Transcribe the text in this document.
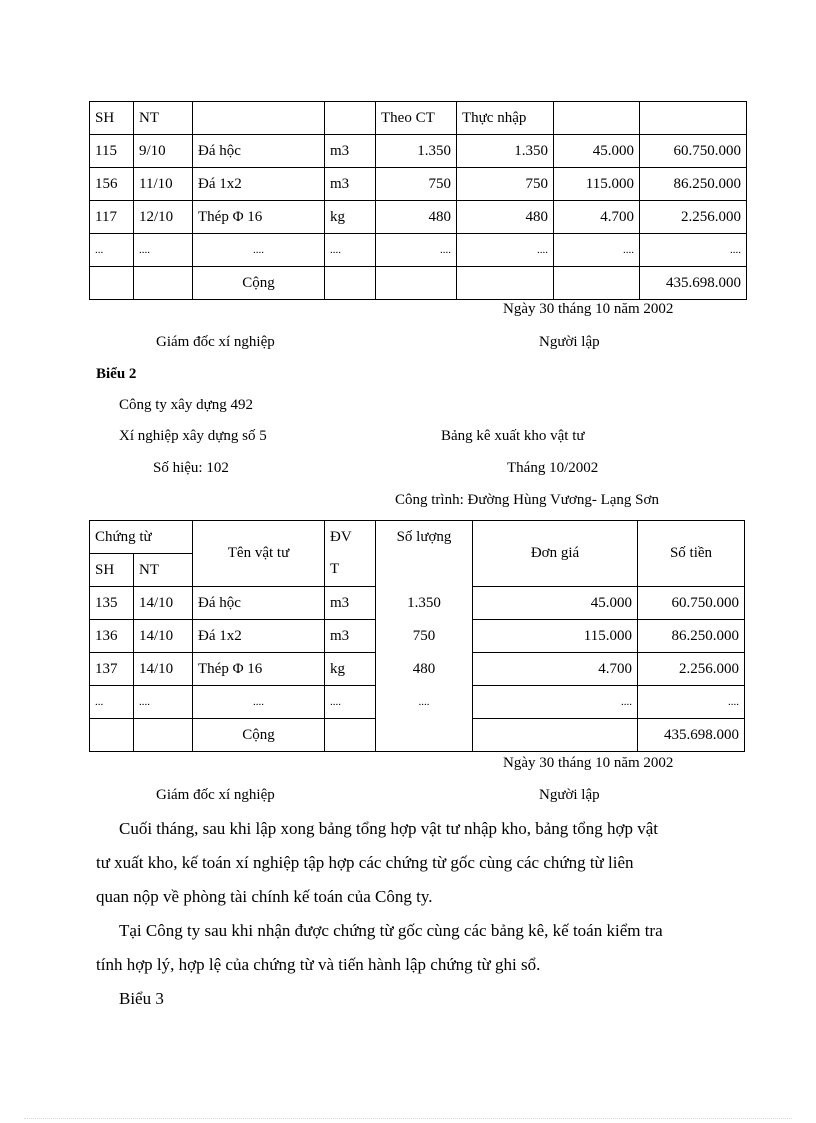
SH	NT			Theo CT	Thực nhập		
115	9/10	Đá hộc	m3	1.350	1.350	45.000	60.750.000
156	11/10	Đá 1x2	m3	750	750	115.000	86.250.000
117	12/10	Thép Φ 16	kg	480	480	4.700	2.256.000
...	....	....	....	....	....	....	....
		Cộng					435.698.000
Ngày 30 tháng 10 năm 2002
Giám đốc xí nghiệp	Người lập
Biểu 2
Công ty xây dựng 492
Xí nghiệp xây dựng số 5	Bảng kê xuất kho vật tư
Số hiệu: 102	Tháng 10/2002
Công trình: Đường Hùng Vương- Lạng Sơn
Chứng từ		Tên vật tư	ĐV	Số lượng	Đơn giá	Số tiền
SH	NT		T			
135	14/10	Đá hộc	m3	1.350	45.000	60.750.000
136	14/10	Đá 1x2	m3	750	115.000	86.250.000
137	14/10	Thép Φ 16	kg	480	4.700	2.256.000
...	....	....	....	....	....	....
		Cộng				435.698.000
Ngày 30 tháng 10 năm 2002
Giám đốc xí nghiệp	Người lập
Cuối tháng, sau khi lập xong bảng tổng hợp vật tư nhập kho, bảng tổng hợp vật
tư xuất kho, kế toán xí nghiệp tập hợp các chứng từ gốc cùng các chứng từ liên
quan nộp về phòng tài chính kế toán của Công ty.
Tại Công ty sau khi nhận được chứng từ gốc cùng các bảng kê, kế toán kiểm tra
tính hợp lý, hợp lệ của chứng từ và tiến hành lập chứng từ ghi sổ.
Biểu 3
